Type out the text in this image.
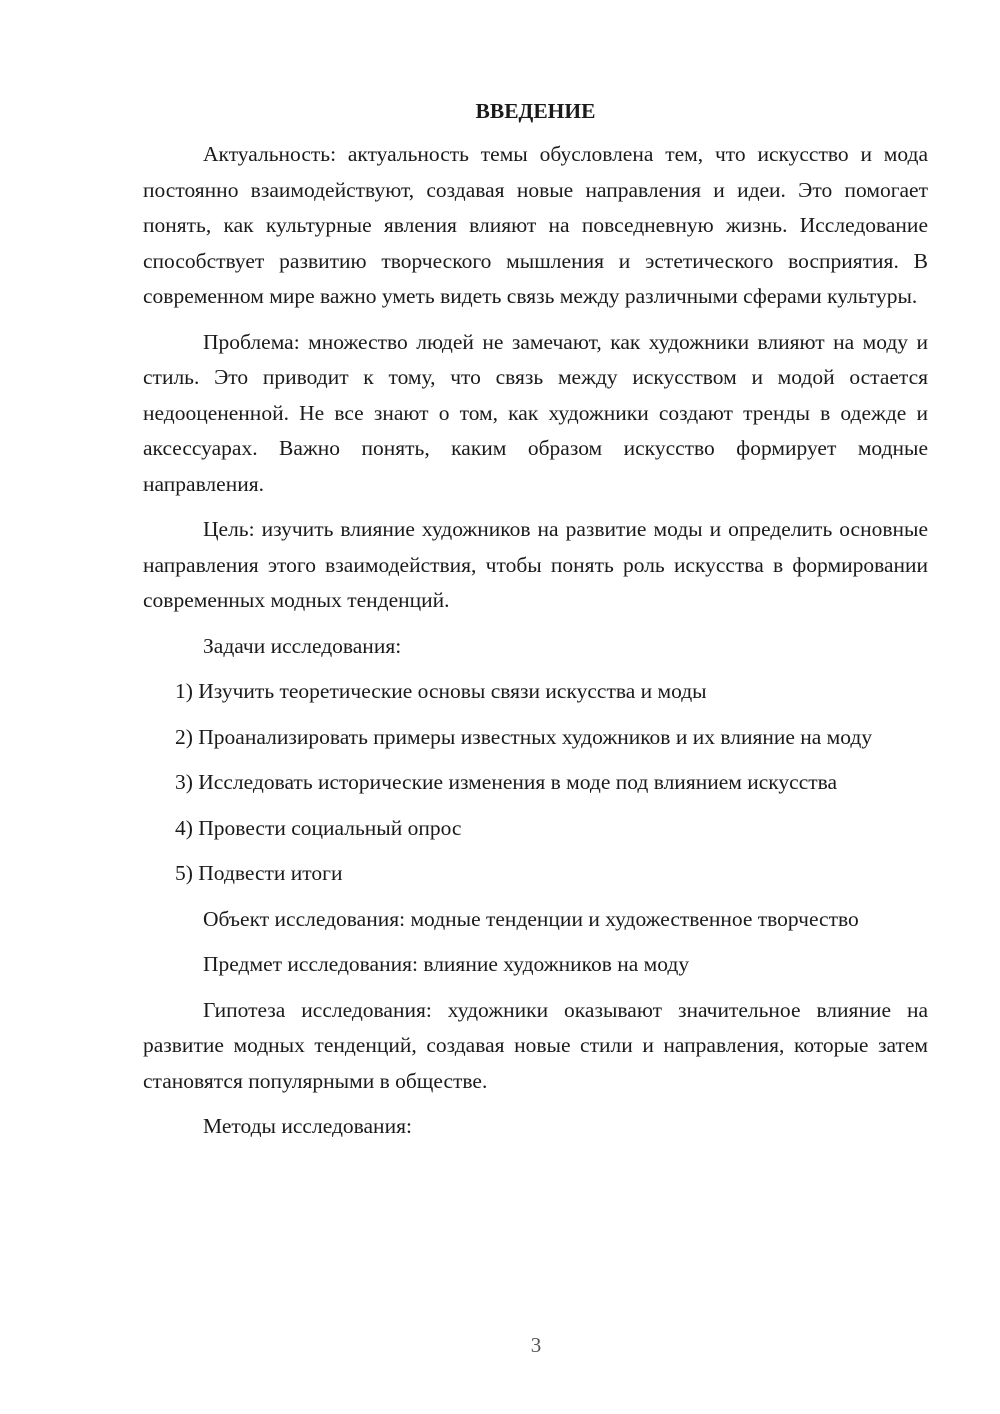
ВВЕДЕНИЕ

Актуальность: актуальность темы обусловлена тем, что искусство и мода постоянно взаимодействуют, создавая новые направления и идеи. Это помогает понять, как культурные явления влияют на повседневную жизнь. Исследование способствует развитию творческого мышления и эстетического восприятия. В современном мире важно уметь видеть связь между различными сферами культуры.

Проблема: множество людей не замечают, как художники влияют на моду и стиль. Это приводит к тому, что связь между искусством и модой остается недооцененной. Не все знают о том, как художники создают тренды в одежде и аксессуарах. Важно понять, каким образом искусство формирует модные направления.

Цель: изучить влияние художников на развитие моды и определить основные направления этого взаимодействия, чтобы понять роль искусства в формировании современных модных тенденций.

Задачи исследования:

1) Изучить теоретические основы связи искусства и моды

2) Проанализировать примеры известных художников и их влияние на моду

3) Исследовать исторические изменения в моде под влиянием искусства

4) Провести социальный опрос

5) Подвести итоги

Объект исследования: модные тенденции и художественное творчество

Предмет исследования: влияние художников на моду

Гипотеза исследования: художники оказывают значительное влияние на развитие модных тенденций, создавая новые стили и направления, которые затем становятся популярными в обществе.

Методы исследования:

3
